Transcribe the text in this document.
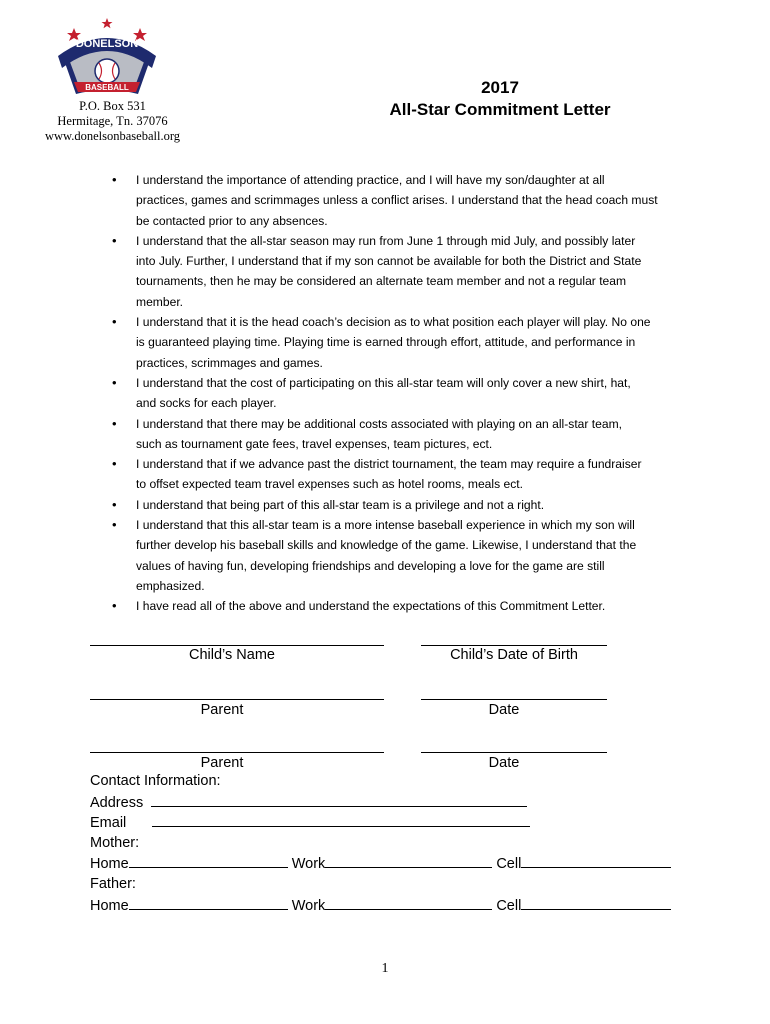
DONELSON
BASEBALL
P.O. Box 531
Hermitage, Tn. 37076
www.donelsonbaseball.org
2017
All-Star Commitment Letter
•	I understand the importance of attending practice, and I will have my son/daughter at all
practices, games and scrimmages unless a conflict arises. I understand that the head coach must
be contacted prior to any absences.
•	I understand that the all-star season may run from June 1 through mid July, and possibly later
into July. Further, I understand that if my son cannot be available for both the District and State
tournaments, then he may be considered an alternate team member and not a regular team
member.
•	I understand that it is the head coach’s decision as to what position each player will play. No one
is guaranteed playing time. Playing time is earned through effort, attitude, and performance in
practices, scrimmages and games.
•	I understand that the cost of participating on this all-star team will only cover a new shirt, hat,
and socks for each player.
•	I understand that there may be additional costs associated with playing on an all-star team,
such as tournament gate fees, travel expenses, team pictures, ect.
•	I understand that if we advance past the district tournament, the team may require a fundraiser
to offset expected team travel expenses such as hotel rooms, meals ect.
•	I understand that being part of this all-star team is a privilege and not a right.
•	I understand that this all-star team is a more intense baseball experience in which my son will
further develop his baseball skills and knowledge of the game. Likewise, I understand that the
values of having fun, developing friendships and developing a love for the game are still
emphasized.
•	I have read all of the above and understand the expectations of this Commitment Letter.
Child’s Name	Child’s Date of Birth
Parent	Date
Parent	Date
Contact Information:
Address
Email
Mother:
Home	Work	Cell
Father:
Home	Work	Cell
1
